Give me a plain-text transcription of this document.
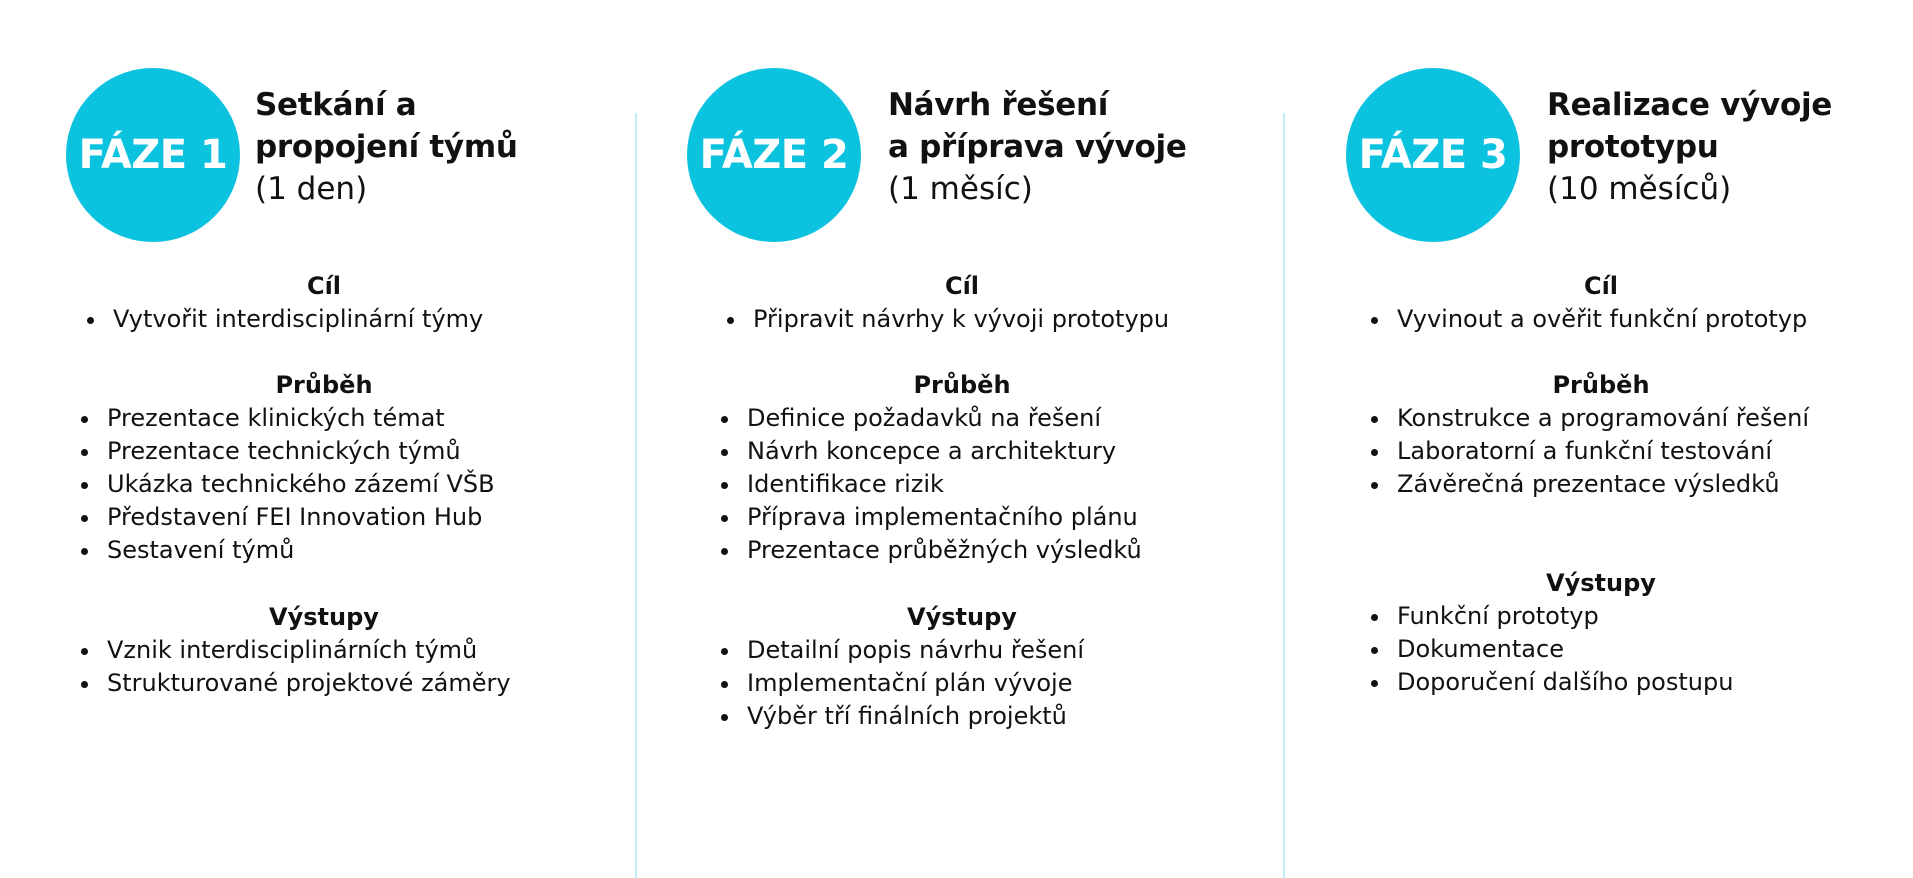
FÁZE 1
Setkání a
propojení týmů
(1 den)
Cíl
Vytvořit interdisciplinární týmy
Průběh
Prezentace klinických témat
Prezentace technických týmů
Ukázka technického zázemí VŠB
Představení FEI Innovation Hub
Sestavení týmů
Výstupy
Vznik interdisciplinárních týmů
Strukturované projektové záměry
FÁZE 2
Návrh řešení
a příprava vývoje
(1 měsíc)
Cíl
Připravit návrhy k vývoji prototypu
Průběh
Definice požadavků na řešení
Návrh koncepce a architektury
Identifikace rizik
Příprava implementačního plánu
Prezentace průběžných výsledků
Výstupy
Detailní popis návrhu řešení
Implementační plán vývoje
Výběr tří finálních projektů
FÁZE 3
Realizace vývoje
prototypu
(10 měsíců)
Cíl
Vyvinout a ověřit funkční prototyp
Průběh
Konstrukce a programování řešení
Laboratorní a funkční testování
Závěrečná prezentace výsledků
Výstupy
Funkční prototyp
Dokumentace
Doporučení dalšího postupu
